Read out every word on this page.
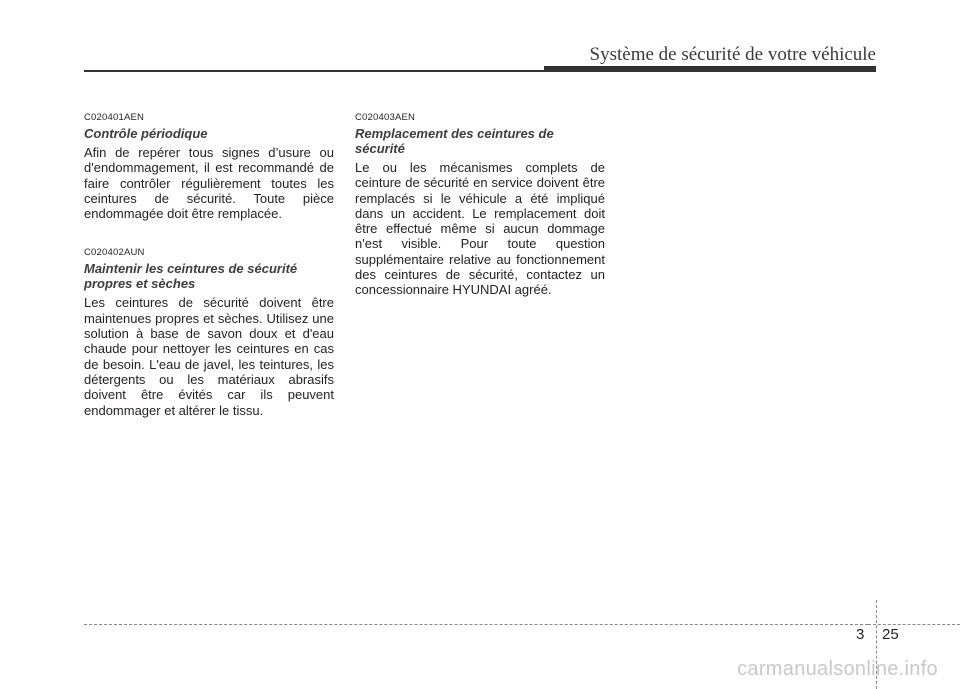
Système de sécurité de votre véhicule
C020401AEN
Contrôle périodique
Afin de repérer tous signes d’usure ou d'endommagement, il est recommandé de faire contrôler régulièrement toutes les ceintures de sécurité. Toute pièce endommagée doit être remplacée.
C020402AUN
Maintenir les ceintures de sécurité propres et sèches
Les ceintures de sécurité doivent être maintenues propres et sèches. Utilisez une solution à base de savon doux et d'eau chaude pour nettoyer les ceintures en cas de besoin. L'eau de javel, les teintures, les détergents ou les matériaux abrasifs doivent être évités car ils peuvent endommager et altérer le tissu.
C020403AEN
Remplacement des ceintures de sécurité
Le ou les mécanismes complets de ceinture de sécurité en service doivent être remplacés si le véhicule a été impliqué dans un accident. Le remplacement doit être effectué même si aucun dommage n'est visible. Pour toute question supplémentaire relative au fonctionnement des ceintures de sécurité, contactez un concessionnaire HYUNDAI agréé.
3 25
carmanualsonline.info
